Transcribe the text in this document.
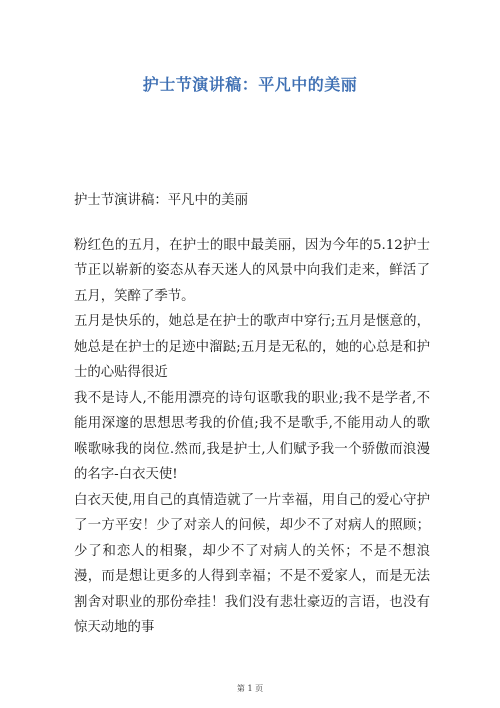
护士节演讲稿：平凡中的美丽

护士节演讲稿：平凡中的美丽

粉红色的五月，在护士的眼中最美丽，因为今年的5.12护士节正以崭新的姿态从春天迷人的风景中向我们走来，鲜活了五月，笑醉了季节。

五月是快乐的，她总是在护士的歌声中穿行;五月是惬意的，她总是在护士的足迹中溜跶;五月是无私的，她的心总是和护士的心贴得很近

我不是诗人,不能用漂亮的诗句讴歌我的职业;我不是学者,不能用深邃的思想思考我的价值;我不是歌手,不能用动人的歌喉歌咏我的岗位.然而,我是护士,人们赋予我一个骄傲而浪漫的名字-白衣天使!

白衣天使,用自己的真情造就了一片幸福，用自己的爱心守护了一方平安！少了对亲人的问候，却少不了对病人的照顾；少了和恋人的相聚，却少不了对病人的关怀；不是不想浪漫，而是想让更多的人得到幸福；不是不爱家人，而是无法割舍对职业的那份牵挂！我们没有悲壮豪迈的言语，也没有惊天动地的事

第 1 页
